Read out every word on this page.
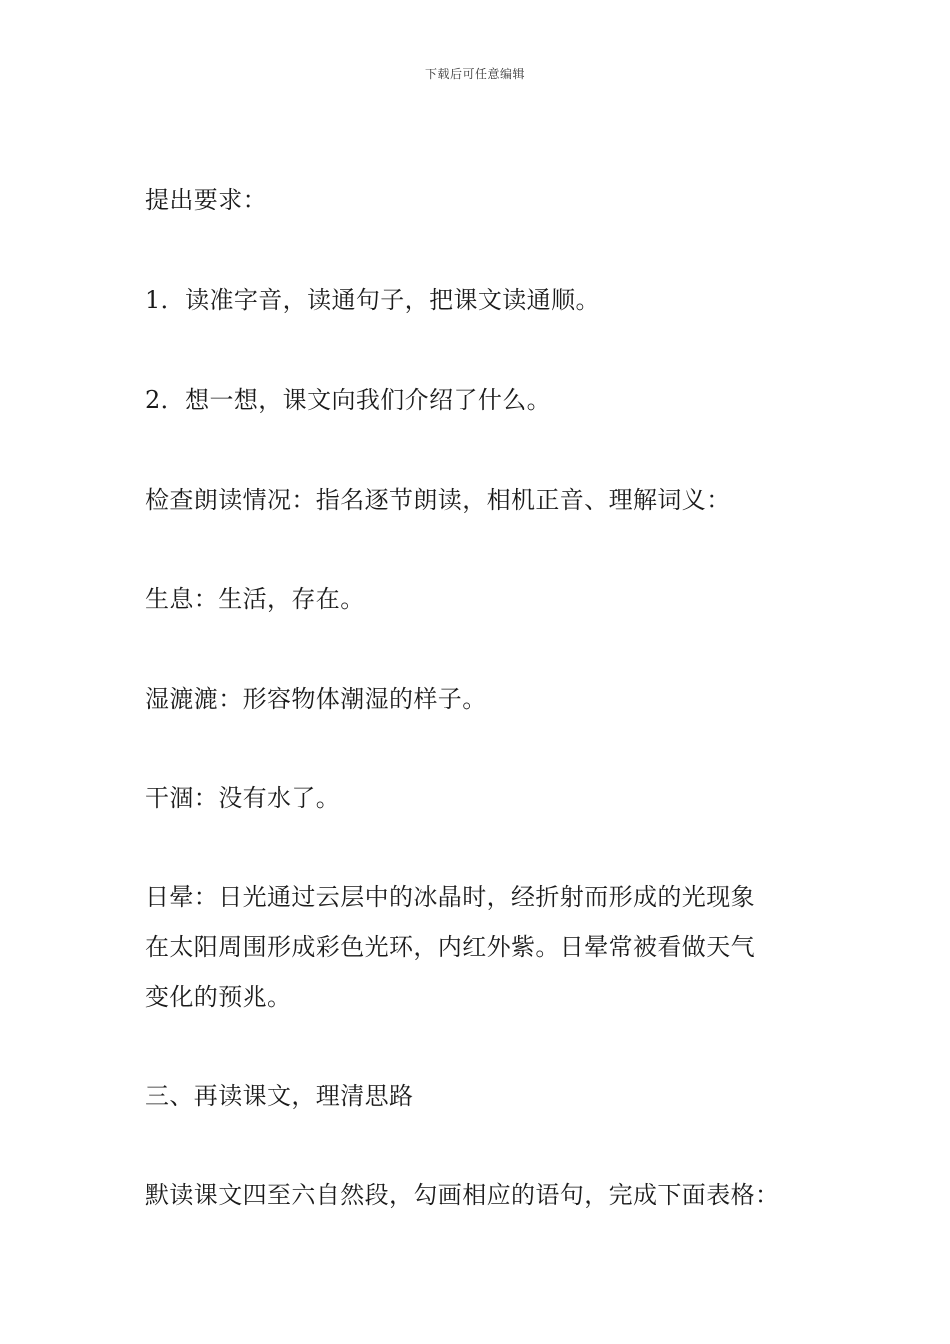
下载后可任意编辑
提出要求：
1．读准字音，读通句子，把课文读通顺。
2．想一想，课文向我们介绍了什么。
检查朗读情况：指名逐节朗读，相机正音、理解词义：
生息：生活，存在。
湿漉漉：形容物体潮湿的样子。
干涸：没有水了。
日晕：日光通过云层中的冰晶时，经折射而形成的光现象
在太阳周围形成彩色光环，内红外紫。日晕常被看做天气
变化的预兆。
三、再读课文，理清思路
默读课文四至六自然段，勾画相应的语句，完成下面表格：
